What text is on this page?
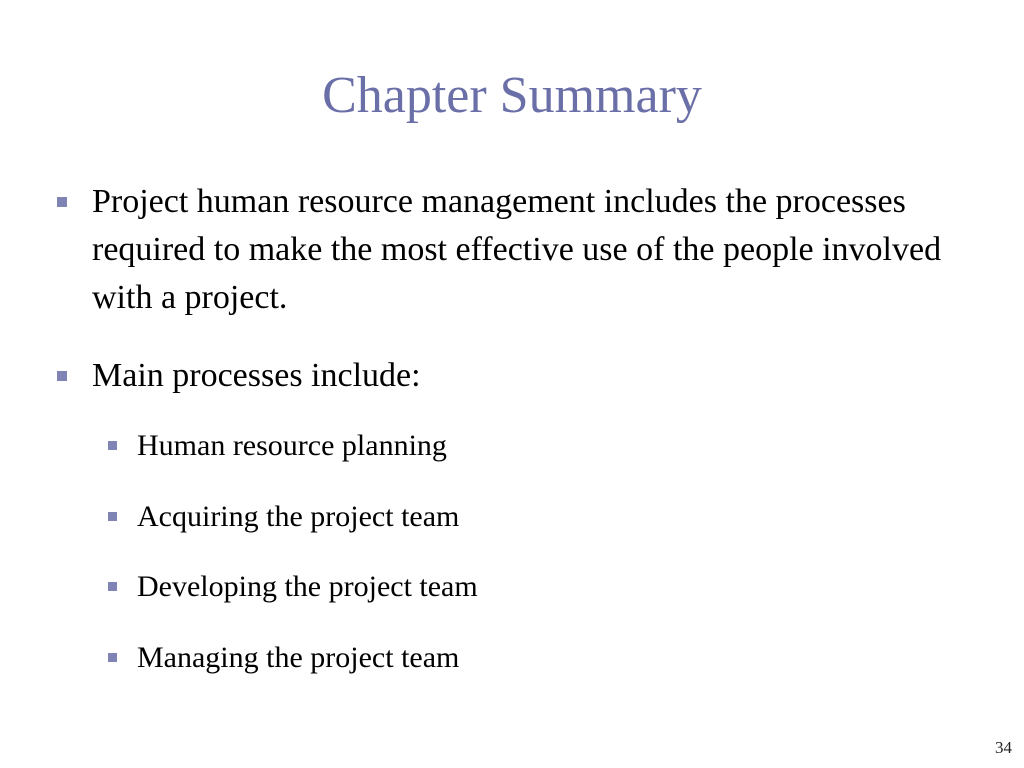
Chapter Summary
Project human resource management includes the processes required to make the most effective use of the people involved with a project.
Main processes include:
Human resource planning
Acquiring the project team
Developing the project team
Managing the project team
34
